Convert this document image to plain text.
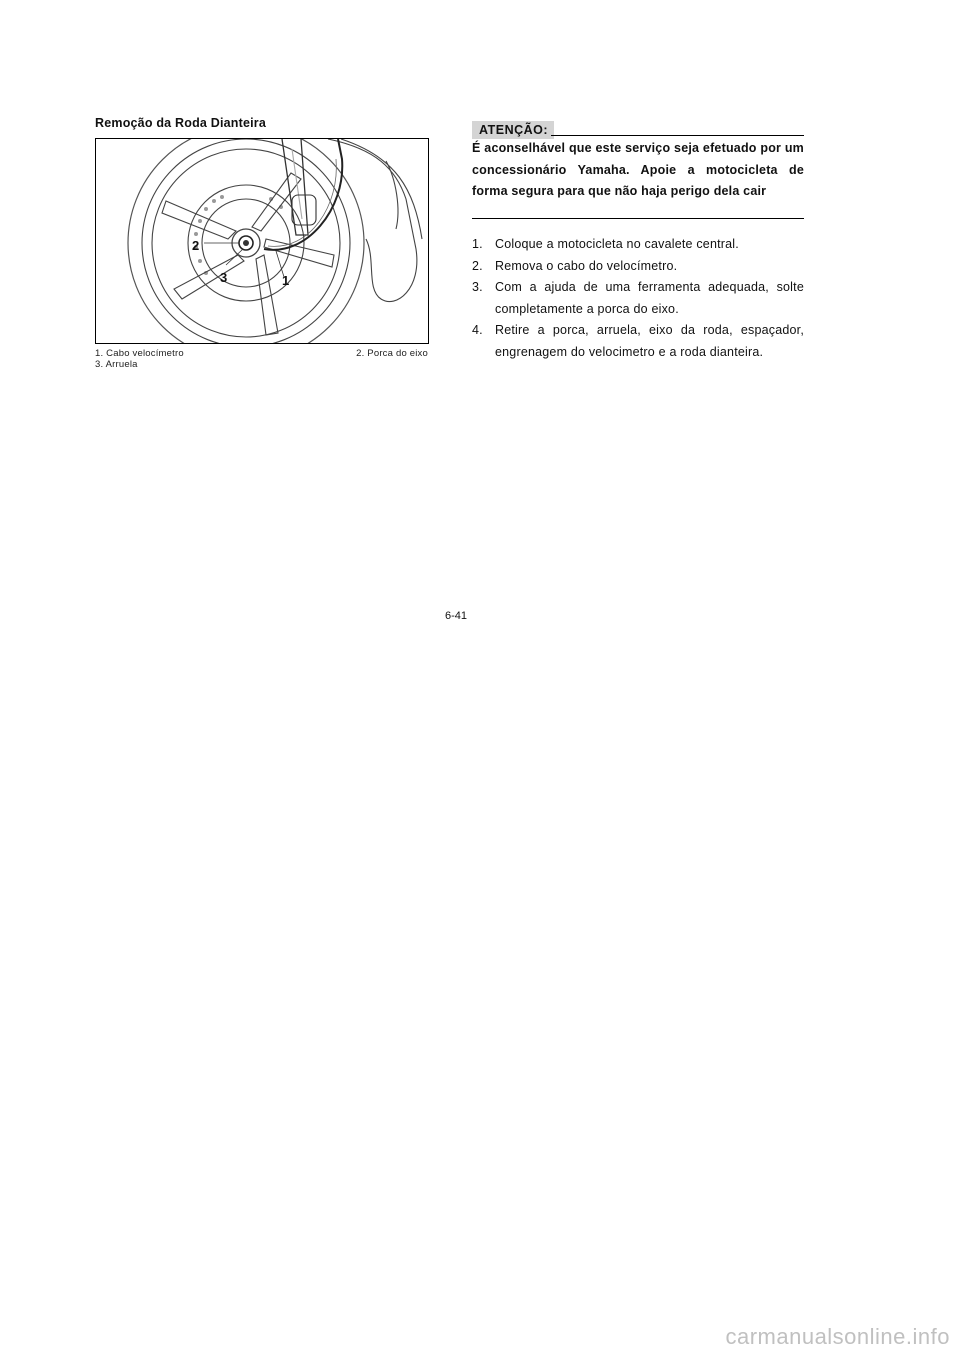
Remoção da Roda Dianteira
2
3	1
1. Cabo velocímetro	2. Porca do eixo
3. Arruela
ATENÇÃO:
É aconselhável que este serviço seja efetuado por um concessionário Yamaha. Apoie a motocicleta de forma segura para que não haja perigo dela cair
1. Coloque a motocicleta no cavalete central.
2. Remova o cabo do velocímetro.
3. Com a ajuda de uma ferramenta adequada, solte completamente a porca do eixo.
4. Retire a porca, arruela, eixo da roda, espaçador, engrenagem do velocimetro e a roda dianteira.
6-41
carmanualsonline.info
